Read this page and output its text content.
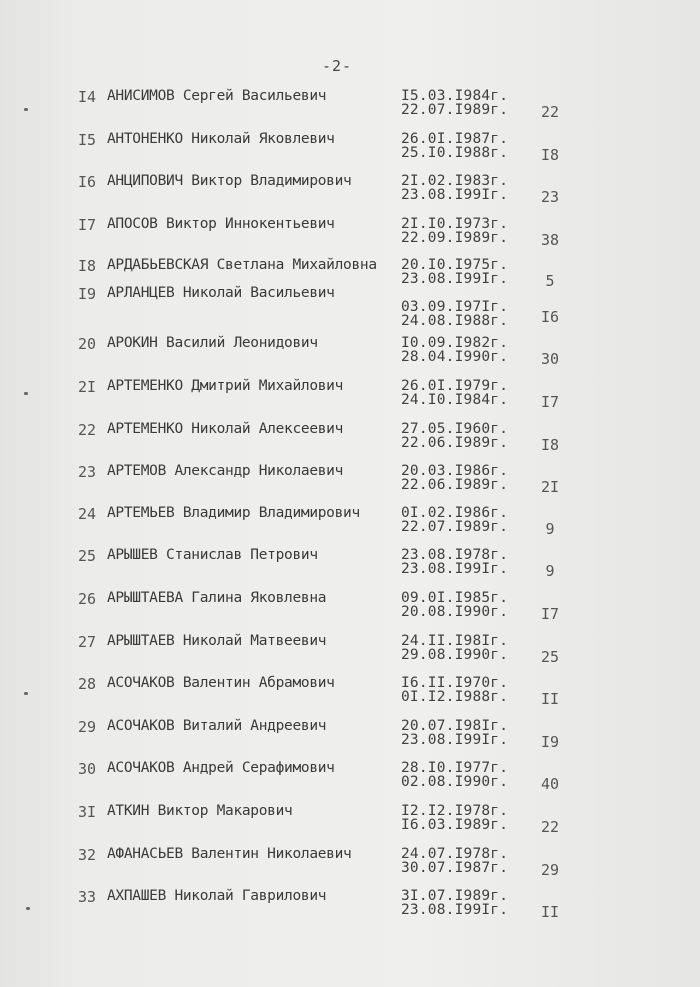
-2-
I4 АНИСИМОВ Сергей Васильевич	I5.03.I984г.
22.07.I989г.	22
I5 АНТОНЕНКО Николай Яковлевич	26.0I.I987г.
25.I0.I988г.	I8
I6 АНЦИПОВИЧ Виктор Владимирович	2I.02.I983г.
23.08.I99Iг.	23
I7 АПОСОВ Виктор Иннокентьевич	2I.I0.I973г.
22.09.I989г.	38
I8 АРДАБЬЕВСКАЯ Светлана Михайловна 20.I0.I975г.
23.08.I99Iг.	5
I9 АРЛАНЦЕВ Николай Васильевич
03.09.I97Iг.
24.08.I988г.	I6
20 АРОКИН Василий Леонидович	I0.09.I982г.
28.04.I990г.	30
2I АРТЕМЕНКО Дмитрий Михайлович	26.0I.I979г.
24.I0.I984г.	I7
22 АРТЕМЕНКО Николай Алексеевич	27.05.I960г.
22.06.I989г.	I8
23 АРТЕМОВ Александр Николаевич	20.03.I986г.
22.06.I989г.	2I
24 АРТЕМЬЕВ Владимир Владимирович	0I.02.I986г.
22.07.I989г.	9
25 АРЫШЕВ Станислав Петрович	23.08.I978г.
23.08.I99Iг.	9
26 АРЫШТАЕВА Галина Яковлевна	09.0I.I985г.
20.08.I990г.	I7
27 АРЫШТАЕВ Николай Матвеевич	24.II.I98Iг.
29.08.I990г.	25
28 АСОЧАКОВ Валентин Абрамович	I6.II.I970г.
0I.I2.I988г.	II
29 АСОЧАКОВ Виталий Андреевич	20.07.I98Iг.
23.08.I99Iг.	I9
30 АСОЧАКОВ Андрей Серафимович	28.I0.I977г.
02.08.I990г.	40
3I АТКИН Виктор Макарович	I2.I2.I978г.
I6.03.I989г.	22
32 АФАНАСЬЕВ Валентин Николаевич	24.07.I978г.
30.07.I987г.	29
33 АХПАШЕВ Николай Гаврилович	3I.07.I989г.
23.08.I99Iг.	II
